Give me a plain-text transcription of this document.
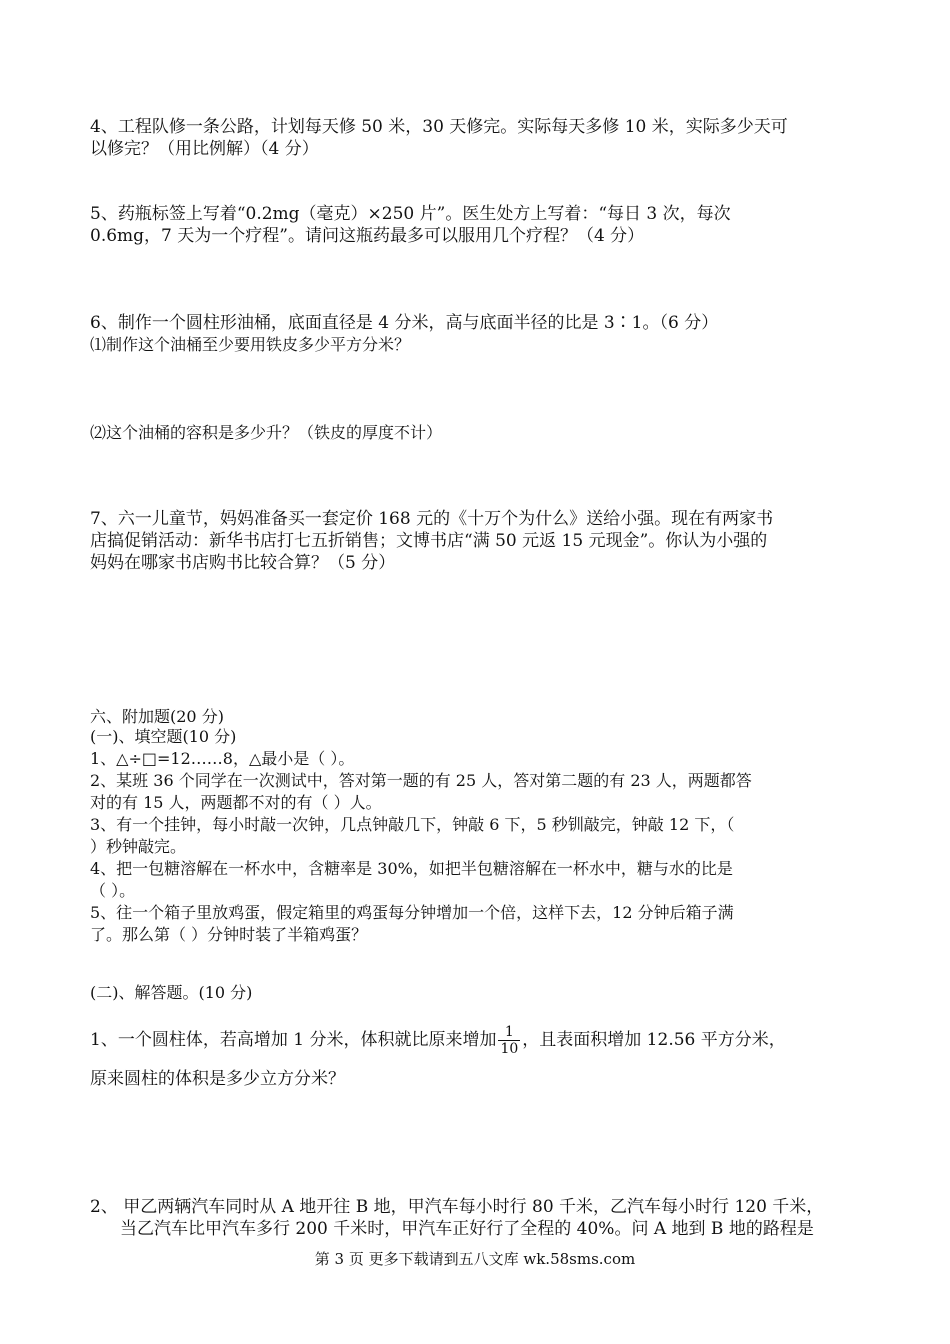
4、工程队修一条公路，计划每天修 50 米，30 天修完。实际每天多修 10 米，实际多少天可
以修完？（用比例解）（4 分）
5、药瓶标签上写着“0.2mg（毫克）×250 片”。医生处方上写着：“每日 3 次，每次
0.6mg，7 天为一个疗程”。请问这瓶药最多可以服用几个疗程？（4 分）
6、制作一个圆柱形油桶，底面直径是 4 分米，高与底面半径的比是 3∶1。（6 分）
⑴制作这个油桶至少要用铁皮多少平方分米？
⑵这个油桶的容积是多少升？（铁皮的厚度不计）
7、六一儿童节，妈妈准备买一套定价 168 元的《十万个为什么》送给小强。现在有两家书
店搞促销活动：新华书店打七五折销售；文博书店“满 50 元返 15 元现金”。你认为小强的
妈妈在哪家书店购书比较合算？（5 分）
六、附加题(20 分)
(一)、填空题(10 分)
1、△÷□=12……8，△最小是（ ）。
2、某班 36 个同学在一次测试中，答对第一题的有 25 人，答对第二题的有 23 人，两题都答
对的有 15 人，两题都不对的有（ ）人。
3、有一个挂钟，每小时敲一次钟，几点钟敲几下，钟敲 6 下，5 秒钏敲完，钟敲 12 下，（
）秒钟敲完。
4、把一包糖溶解在一杯水中，含糖率是 30%，如把半包糖溶解在一杯水中，糖与水的比是
（ ）。
5、往一个箱子里放鸡蛋，假定箱里的鸡蛋每分钟增加一个倍，这样下去，12 分钟后箱子满
了。那么第（ ）分钟时装了半箱鸡蛋？
(二)、解答题。(10 分)
1、一个圆柱体，若高增加 1 分米，体积就比原来增加 $\frac{1}{10}$ ，且表面积增加 12.56 平方分米，
原来圆柱的体积是多少立方分米？
2、 甲乙两辆汽车同时从 A 地开往 B 地，甲汽车每小时行 80 千米，乙汽车每小时行 120 千米，
当乙汽车比甲汽车多行 200 千米时，甲汽车正好行了全程的 40%。问 A 地到 B 地的路程是
第 3 页 更多下载请到五八文库 wk.58sms.com
